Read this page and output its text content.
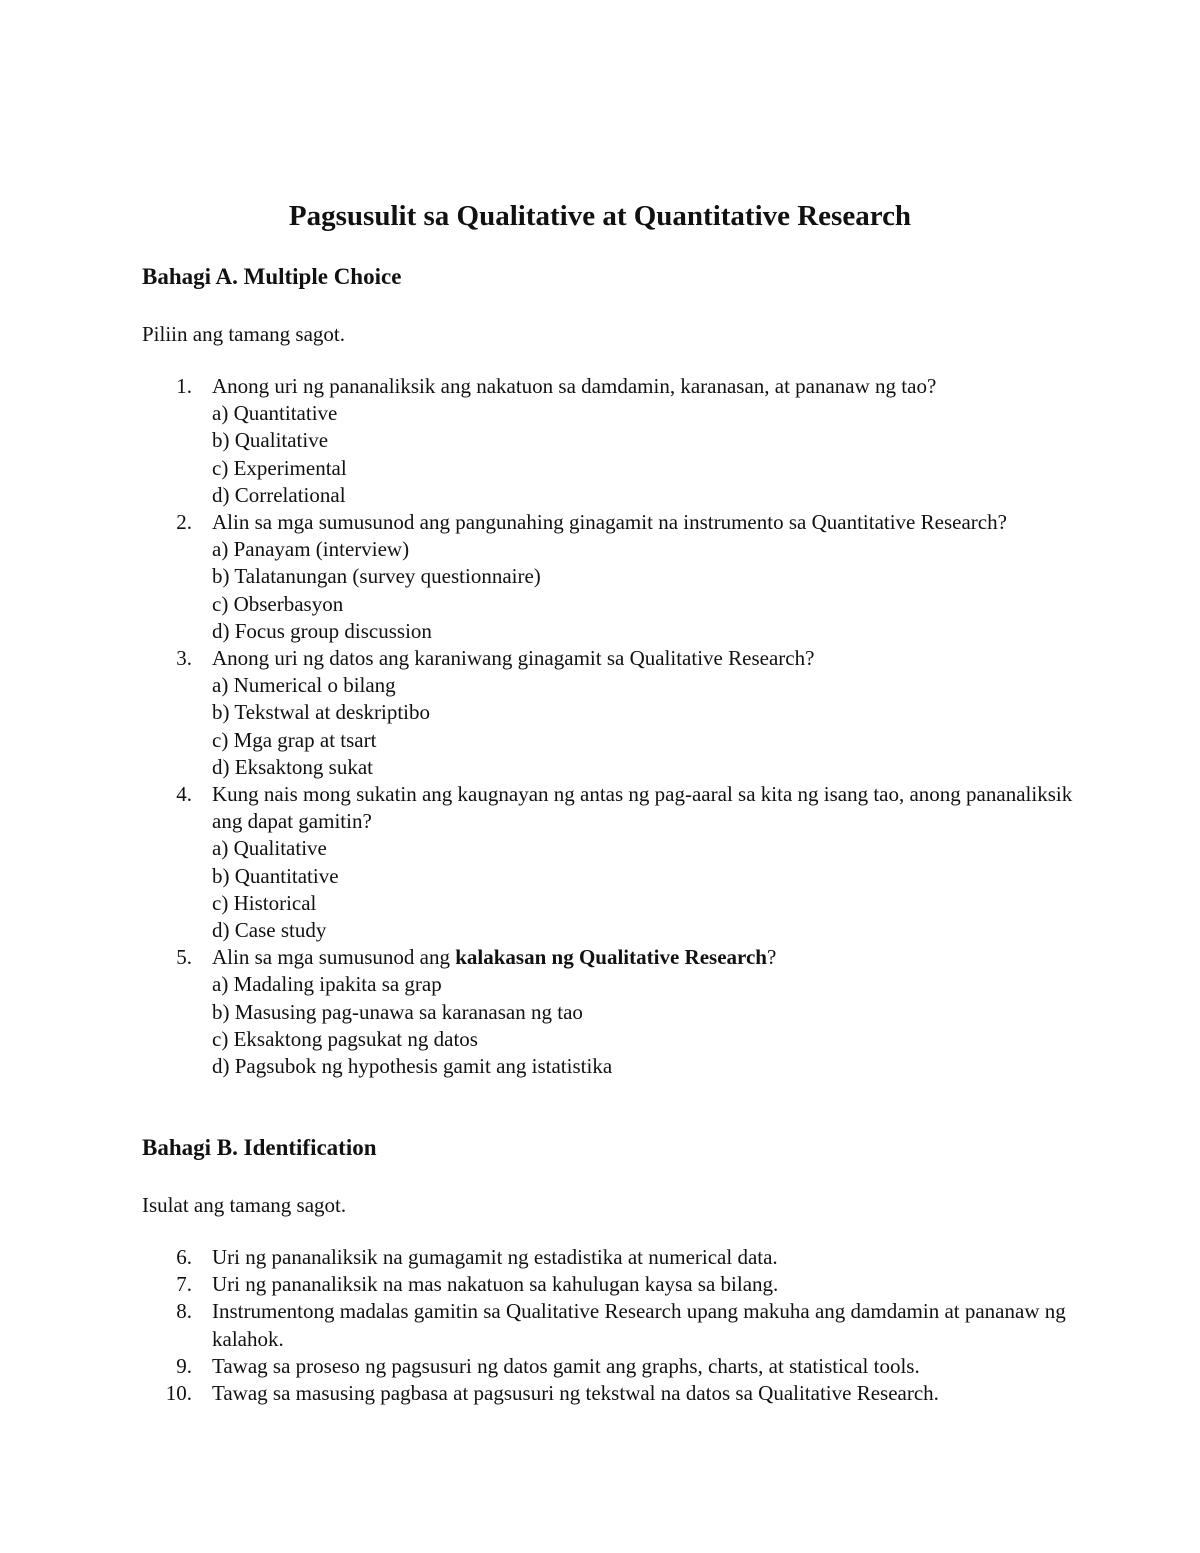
Pagsusulit sa Qualitative at Quantitative Research
Bahagi A. Multiple Choice

Piliin ang tamang sagot.

1. Anong uri ng pananaliksik ang nakatuon sa damdamin, karanasan, at pananaw ng tao?
a) Quantitative
b) Qualitative
c) Experimental
d) Correlational
2. Alin sa mga sumusunod ang pangunahing ginagamit na instrumento sa Quantitative Research?
a) Panayam (interview)
b) Talatanungan (survey questionnaire)
c) Obserbasyon
d) Focus group discussion
3. Anong uri ng datos ang karaniwang ginagamit sa Qualitative Research?
a) Numerical o bilang
b) Tekstwal at deskriptibo
c) Mga grap at tsart
d) Eksaktong sukat
4. Kung nais mong sukatin ang kaugnayan ng antas ng pag-aaral sa kita ng isang tao, anong pananaliksik ang dapat gamitin?
a) Qualitative
b) Quantitative
c) Historical
d) Case study
5. Alin sa mga sumusunod ang kalakasan ng Qualitative Research?
a) Madaling ipakita sa grap
b) Masusing pag-unawa sa karanasan ng tao
c) Eksaktong pagsukat ng datos
d) Pagsubok ng hypothesis gamit ang istatistika
Bahagi B. Identification

Isulat ang tamang sagot.

6. Uri ng pananaliksik na gumagamit ng estadistika at numerical data.
7. Uri ng pananaliksik na mas nakatuon sa kahulugan kaysa sa bilang.
8. Instrumentong madalas gamitin sa Qualitative Research upang makuha ang damdamin at pananaw ng kalahok.
9. Tawag sa proseso ng pagsusuri ng datos gamit ang graphs, charts, at statistical tools.
10. Tawag sa masusing pagbasa at pagsusuri ng tekstwal na datos sa Qualitative Research.
